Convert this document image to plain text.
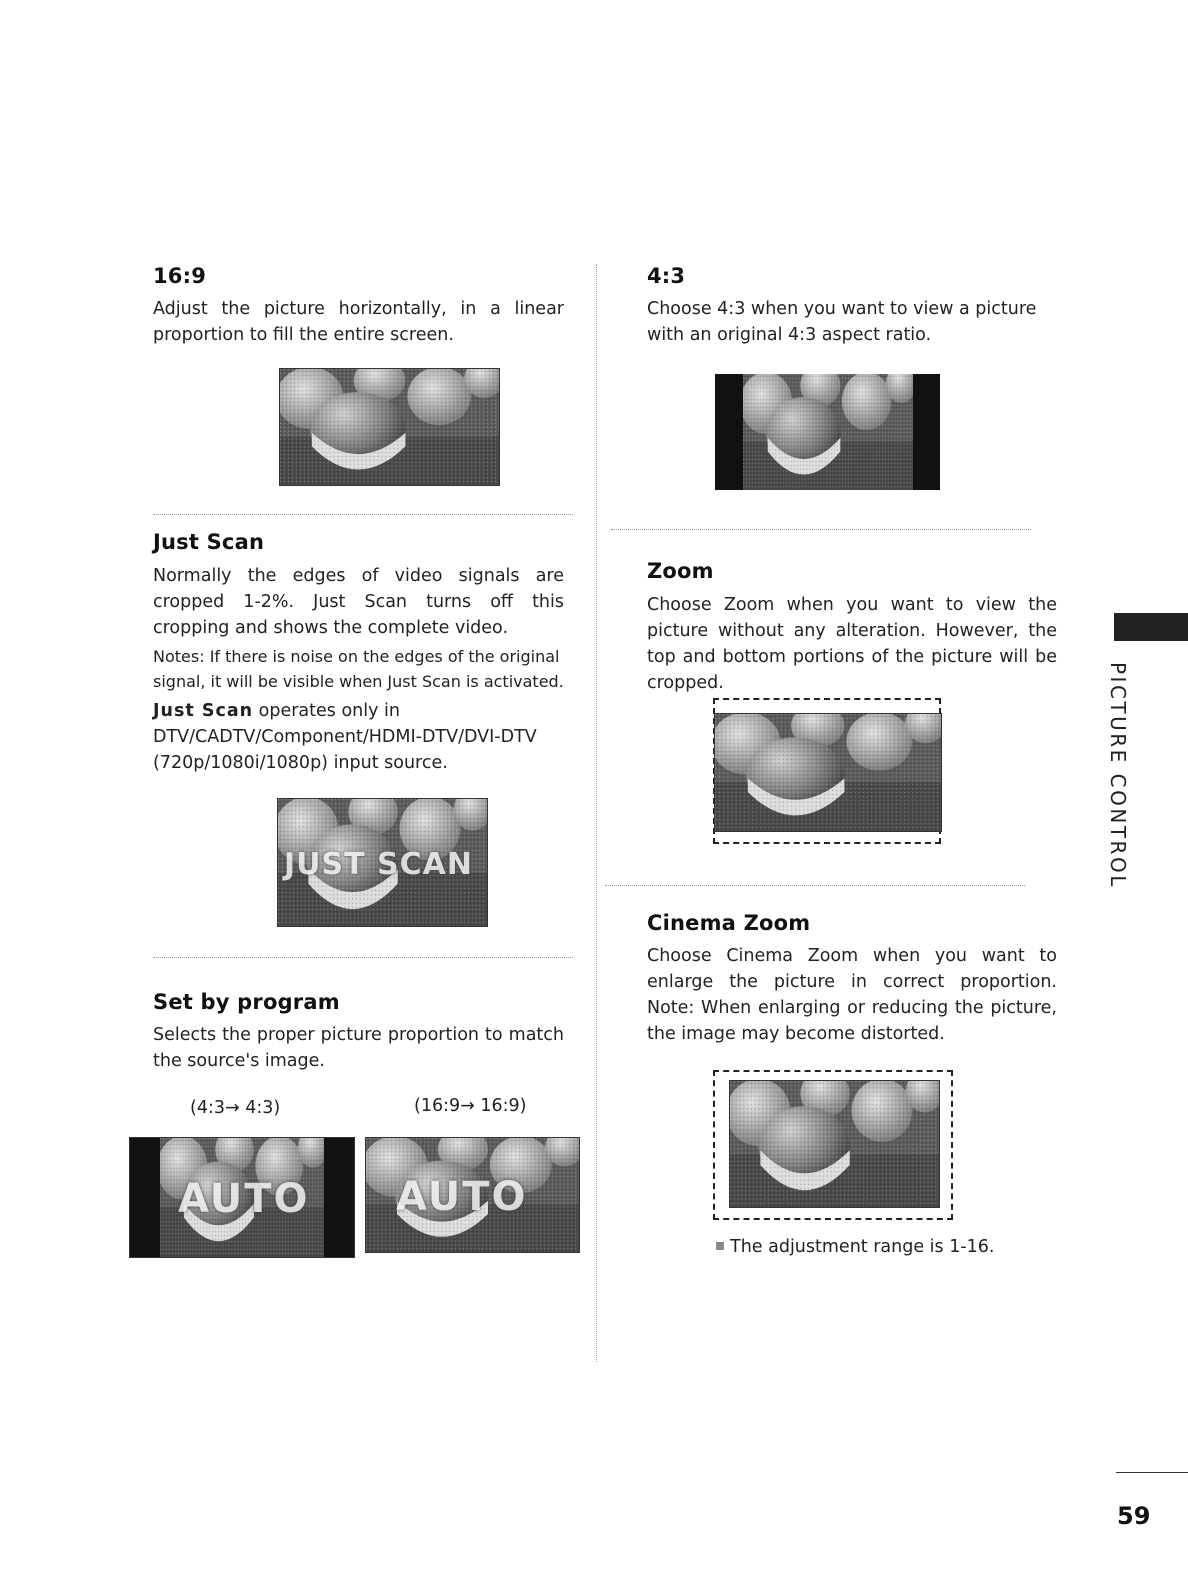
16:9
Adjust the picture horizontally, in a linear proportion to fill the entire screen.
Just Scan
Normally the edges of video signals are cropped 1-2%. Just Scan turns off this cropping and shows the complete video.
Notes: If there is noise on the edges of the original signal, it will be visible when Just Scan is activated.
Just Scan operates only in DTV/CADTV/Component/HDMI-DTV/DVI-DTV (720p/1080i/1080p) input source.
JUST SCAN
Set by program
Selects the proper picture proportion to match the source's image.
(4:3→ 4:3)	(16:9→ 16:9)
AUTO AUTO
4:3
Choose 4:3 when you want to view a picture with an original 4:3 aspect ratio.
Zoom
Choose Zoom when you want to view the picture without any alteration. However, the top and bottom portions of the picture will be cropped.
Cinema Zoom
Choose Cinema Zoom when you want to enlarge the picture in correct proportion. Note: When enlarging or reducing the picture, the image may become distorted.
The adjustment range is 1-16.
PICTURE CONTROL
59
